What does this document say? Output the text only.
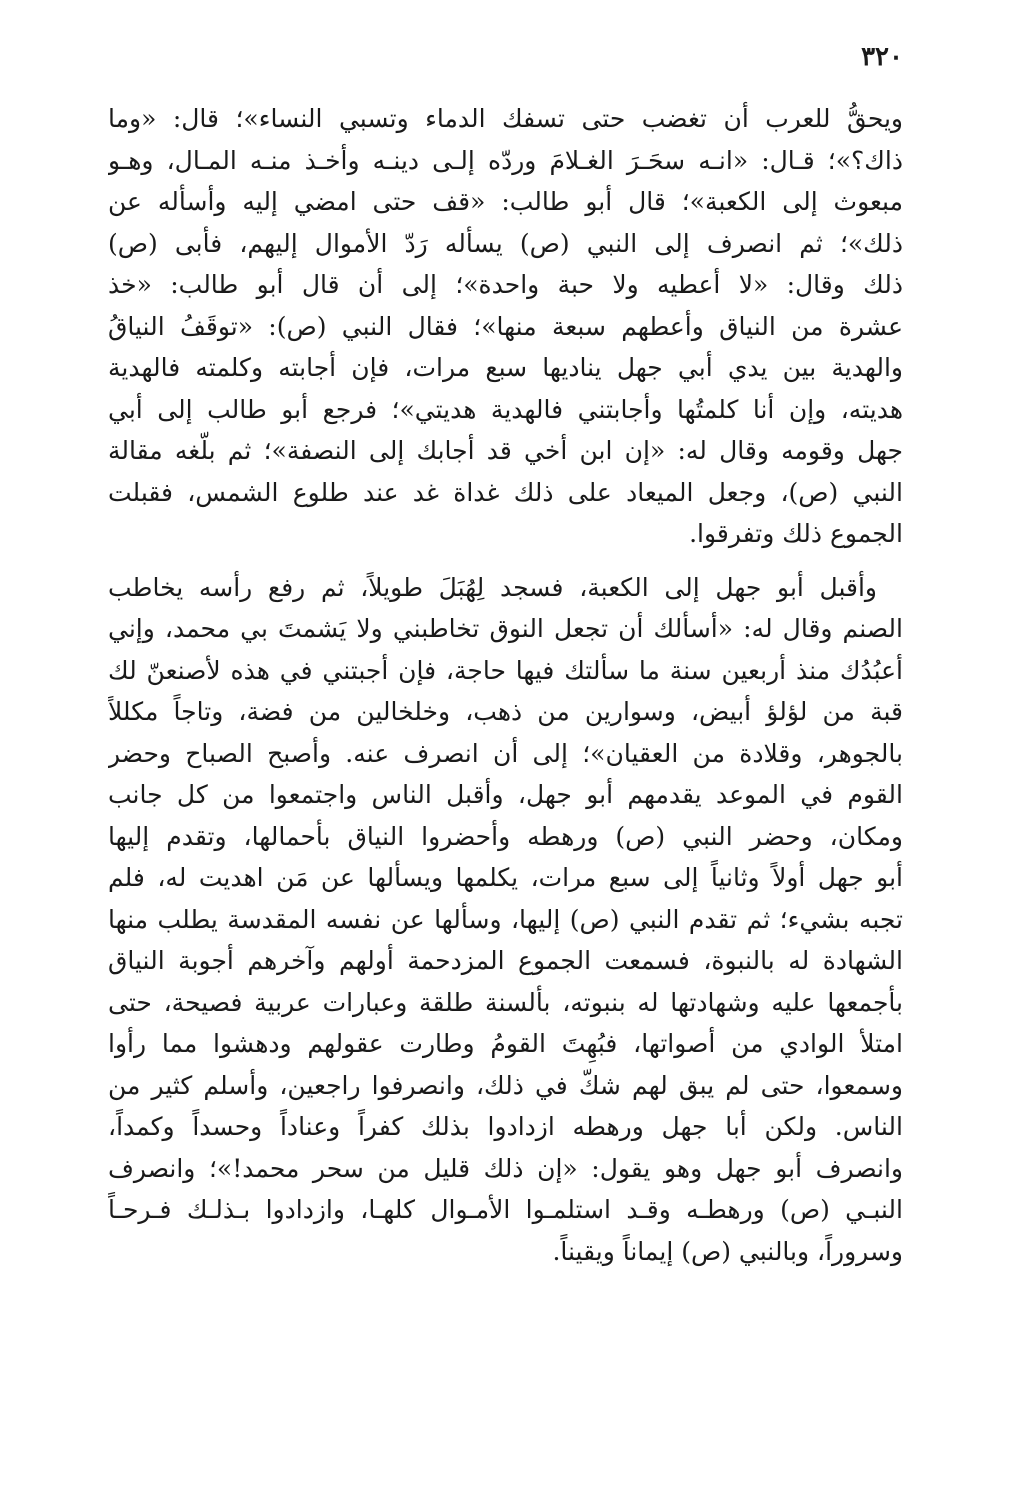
٣٢٠
ويحقُّ للعرب أن تغضب حتى تسفك الدماء وتسبي النساء»؛ قال: «وما
ذاك؟»؛ قـال: «انـه سحَـرَ الغـلامَ وردّه إلـى دينـه وأخـذ منـه المـال، وهـو
مبعوث إلى الكعبة»؛ قال أبو طالب: «قف حتى امضي إليه وأسأله عن
ذلك»؛ ثم انصرف إلى النبي (ص) يسأله رَدّ الأموال إليهم، فأبى (ص)
ذلك وقال: «لا أعطيه ولا حبة واحدة»؛ إلى أن قال أبو طالب: «خذ
عشرة من النياق وأعطهم سبعة منها»؛ فقال النبي (ص): «توقَفُ النياقُ
والهدية بين يدي أبي جهل يناديها سبع مرات، فإن أجابته وكلمته فالهدية
هديته، وإن أنا كلمتُها وأجابتني فالهدية هديتي»؛ فرجع أبو طالب إلى أبي
جهل وقومه وقال له: «إن ابن أخي قد أجابك إلى النصفة»؛ ثم بلّغه مقالة
النبي (ص)، وجعل الميعاد على ذلك غداة غد عند طلوع الشمس، فقبلت
الجموع ذلك وتفرقوا.
وأقبل أبو جهل إلى الكعبة، فسجد لِهُبَلَ طويلاً، ثم رفع رأسه يخاطب
الصنم وقال له: «أسألك أن تجعل النوق تخاطبني ولا يَشمتَ بي محمد، وإني
أعبُدُك منذ أربعين سنة ما سألتك فيها حاجة، فإن أجبتني في هذه لأصنعنّ لك
قبة من لؤلؤ أبيض، وسوارين من ذهب، وخلخالين من فضة، وتاجاً مكللاً
بالجوهر، وقلادة من العقيان»؛ إلى أن انصرف عنه. وأصبح الصباح وحضر
القوم في الموعد يقدمهم أبو جهل، وأقبل الناس واجتمعوا من كل جانب
ومكان، وحضر النبي (ص) ورهطه وأحضروا النياق بأحمالها، وتقدم إليها
أبو جهل أولاً وثانياً إلى سبع مرات، يكلمها ويسألها عن مَن اهديت له، فلم
تجبه بشيء؛ ثم تقدم النبي (ص) إليها، وسألها عن نفسه المقدسة يطلب منها
الشهادة له بالنبوة، فسمعت الجموع المزدحمة أولهم وآخرهم أجوبة النياق
بأجمعها عليه وشهادتها له بنبوته، بألسنة طلقة وعبارات عربية فصيحة، حتى
امتلأ الوادي من أصواتها، فبُهِتَ القومُ وطارت عقولهم ودهشوا مما رأوا
وسمعوا، حتى لم يبق لهم شكّ في ذلك، وانصرفوا راجعين، وأسلم كثير من
الناس. ولكن أبا جهل ورهطه ازدادوا بذلك كفراً وعناداً وحسداً وكمداً،
وانصرف أبو جهل وهو يقول: «إن ذلك قليل من سحر محمد!»؛ وانصرف
النبـي (ص) ورهطـه وقـد استلمـوا الأمـوال كلهـا، وازدادوا بـذلـك فـرحـاً
وسروراً، وبالنبي (ص) إيماناً ويقيناً.
